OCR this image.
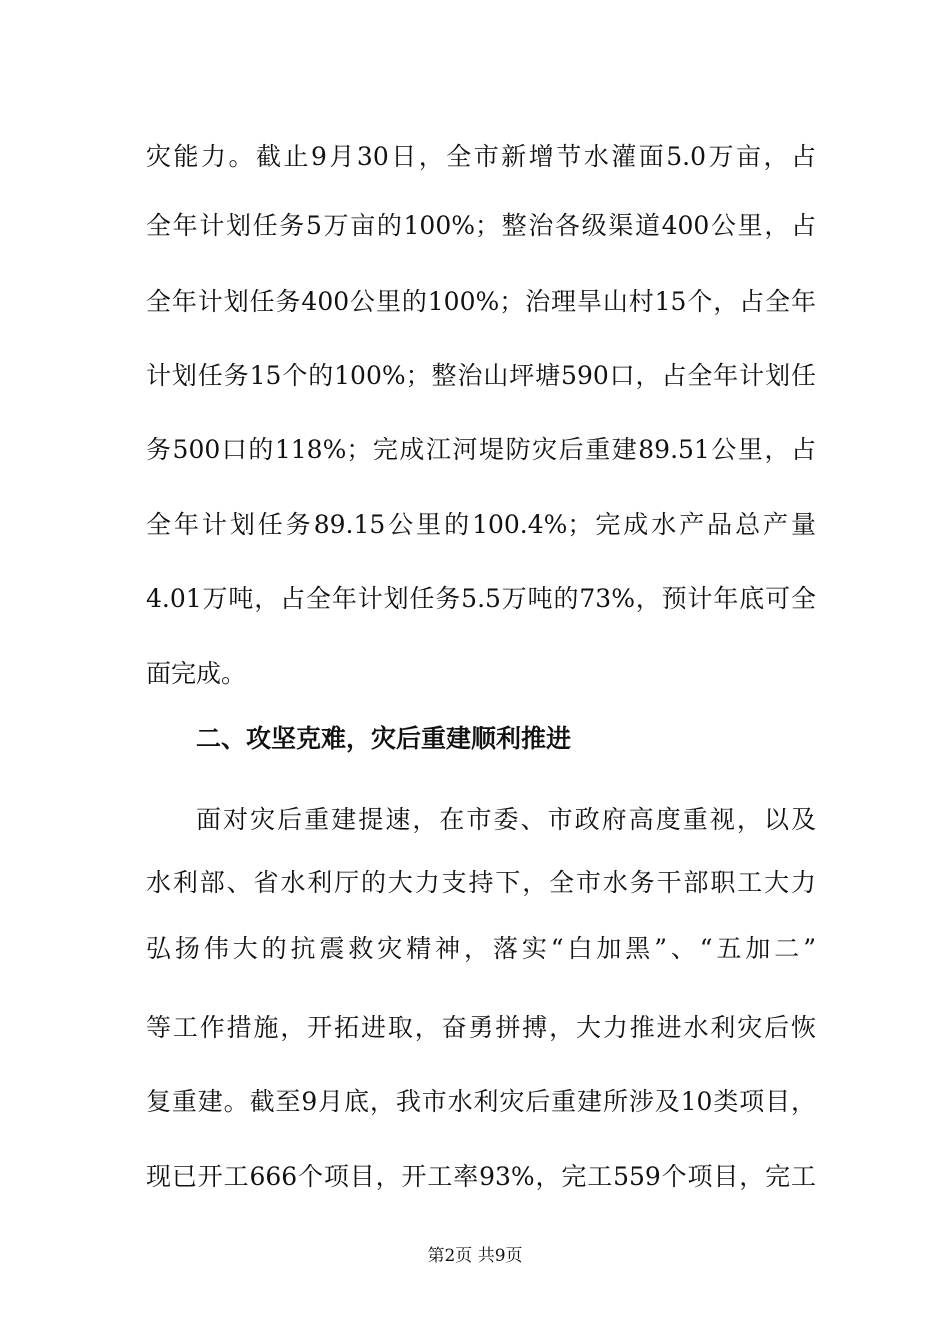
灾能力。截止9月30日，全市新增节水灌面5.0万亩，占
全年计划任务5万亩的100%；整治各级渠道400公里，占
全年计划任务400公里的100%；治理旱山村15个，占全年
计划任务15个的100%；整治山坪塘590口，占全年计划任
务500口的118%；完成江河堤防灾后重建89.51公里，占
全年计划任务89.15公里的100.4%；完成水产品总产量
4.01万吨，占全年计划任务5.5万吨的73%，预计年底可全
面完成。
二、攻坚克难，灾后重建顺利推进
面对灾后重建提速，在市委、市政府高度重视，以及
水利部、省水利厅的大力支持下，全市水务干部职工大力
弘扬伟大的抗震救灾精神，落实“白加黑”、“五加二”
等工作措施，开拓进取，奋勇拼搏，大力推进水利灾后恢
复重建。截至9月底，我市水利灾后重建所涉及10类项目，
现已开工666个项目，开工率93%，完工559个项目，完工
第2页 共9页
